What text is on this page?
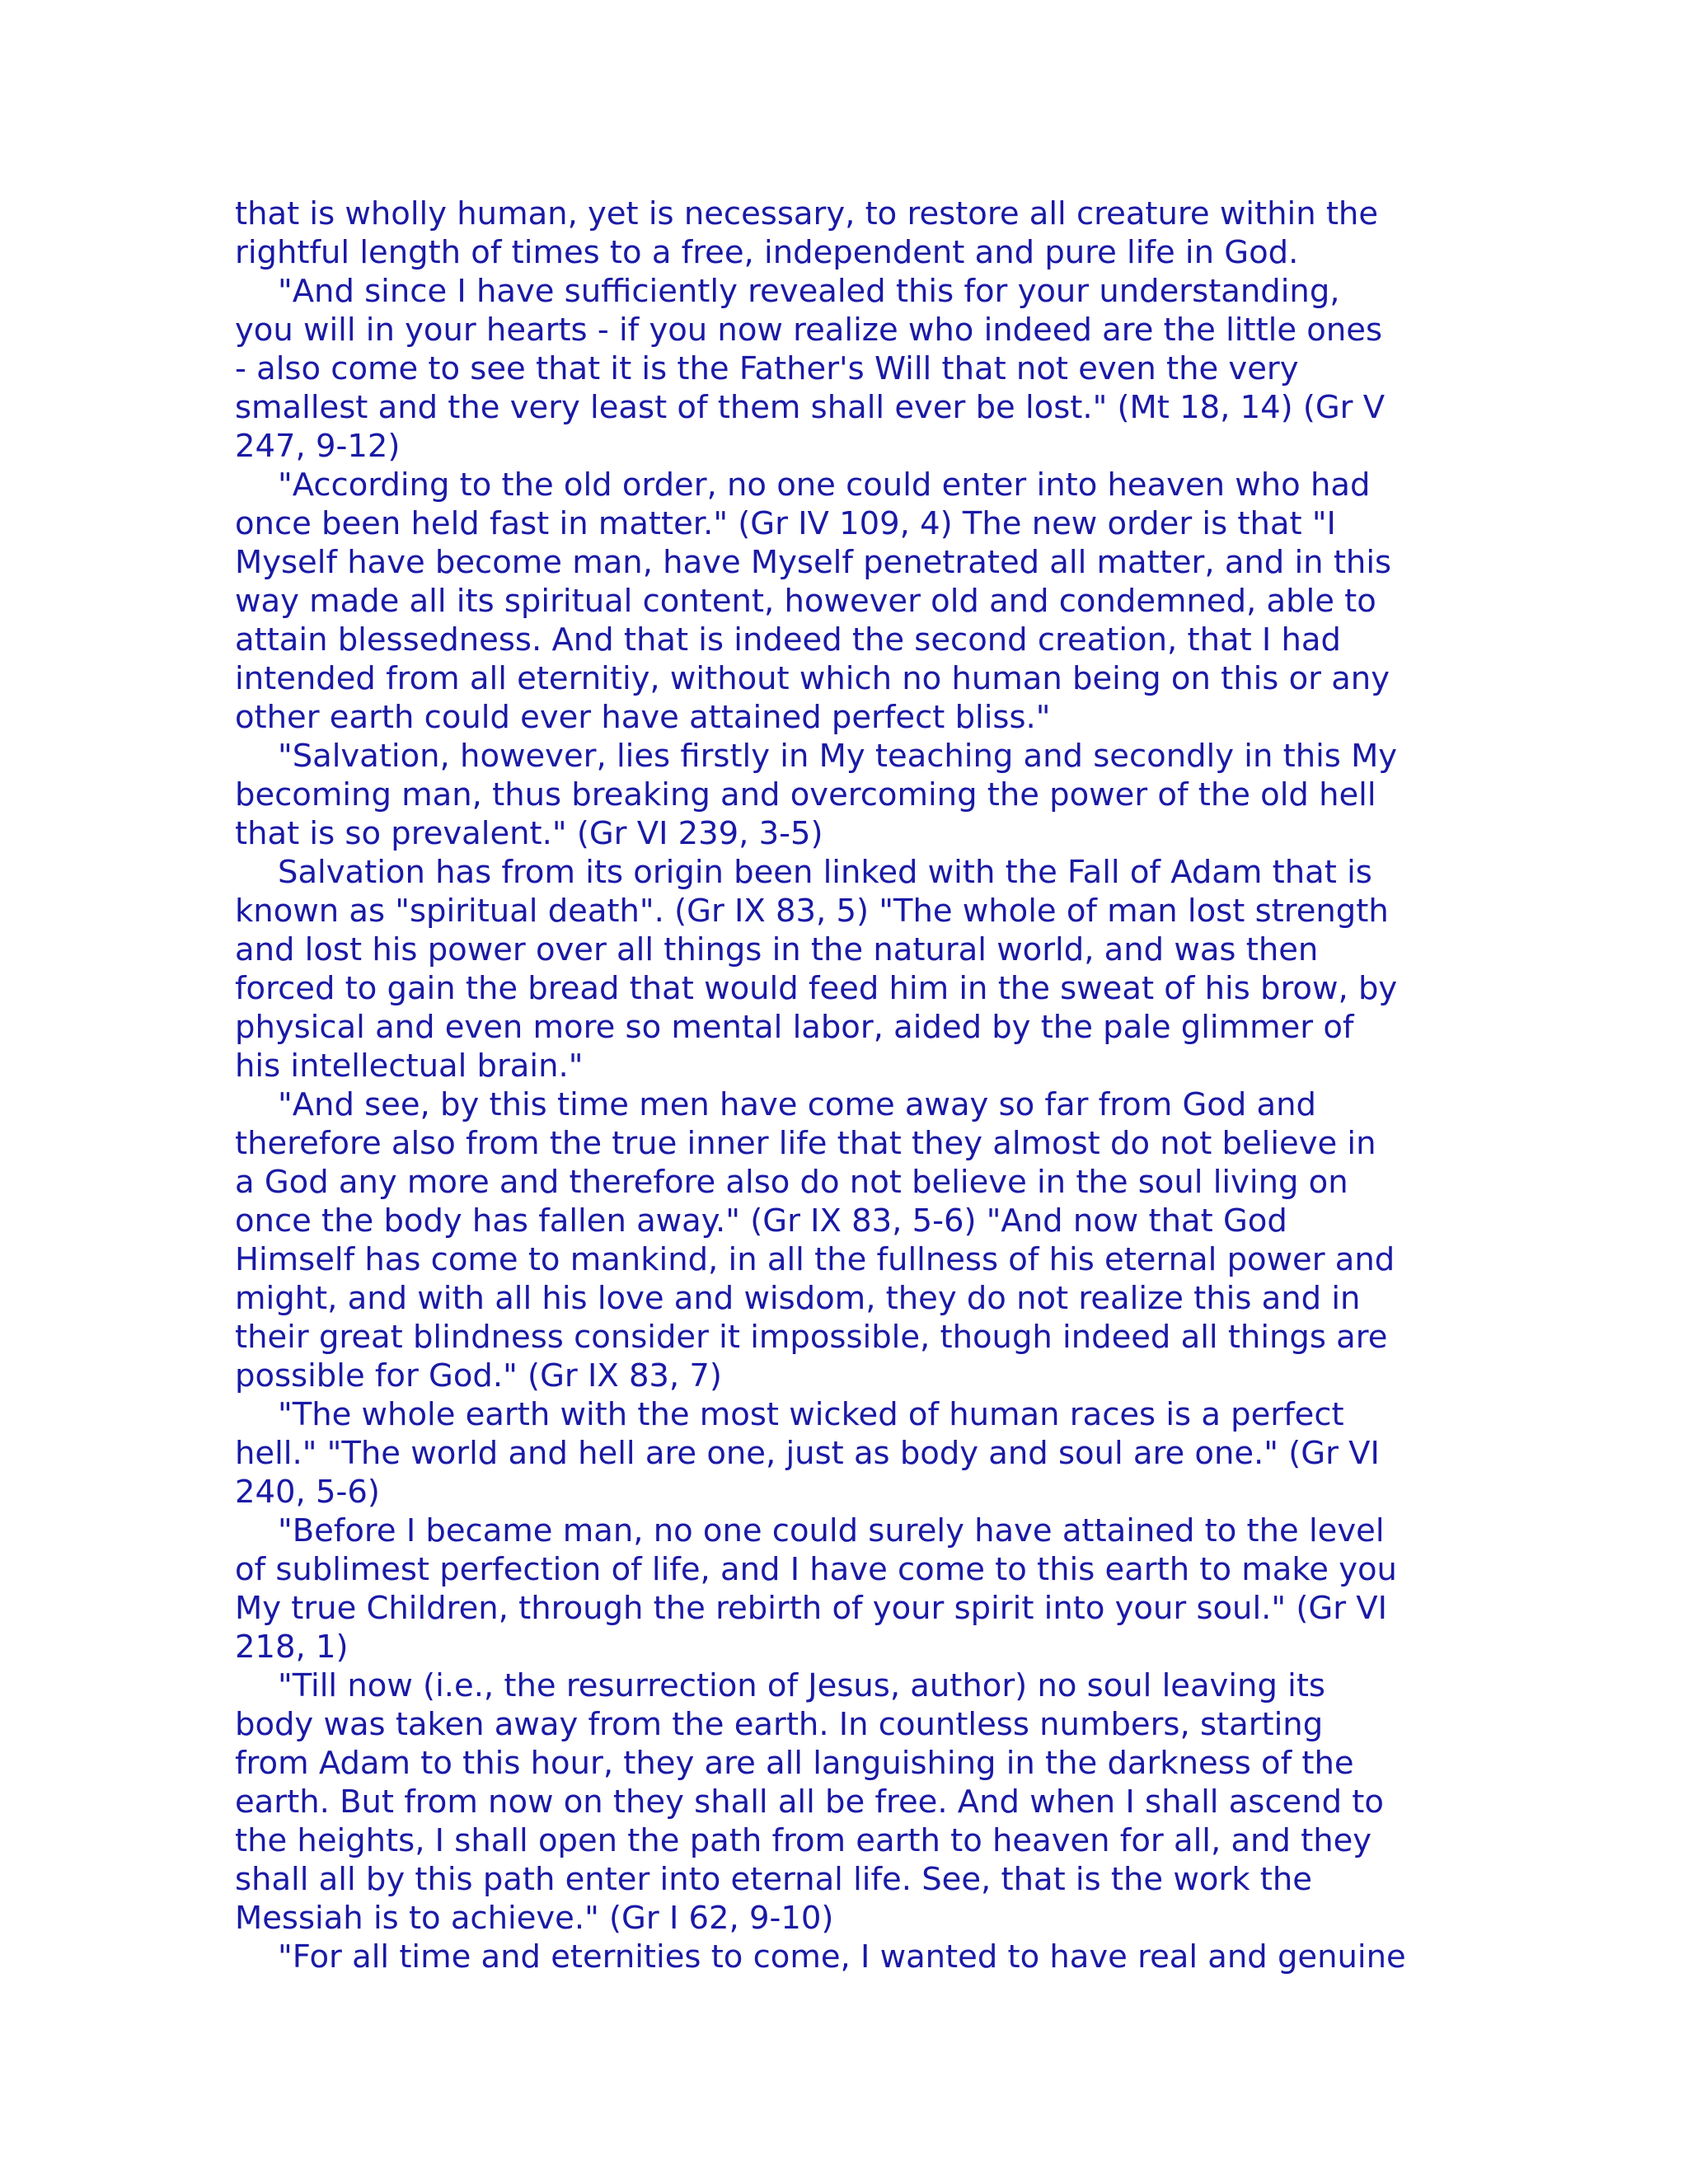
that is wholly human, yet is necessary, to restore all creature within the
rightful length of times to a free, independent and pure life in God.
"And since I have sufficiently revealed this for your understanding,
you will in your hearts - if you now realize who indeed are the little ones
- also come to see that it is the Father's Will that not even the very
smallest and the very least of them shall ever be lost." (Mt 18, 14) (Gr V
247, 9-12)
"According to the old order, no one could enter into heaven who had
once been held fast in matter." (Gr IV 109, 4) The new order is that "I
Myself have become man, have Myself penetrated all matter, and in this
way made all its spiritual content, however old and condemned, able to
attain blessedness. And that is indeed the second creation, that I had
intended from all eternitiy, without which no human being on this or any
other earth could ever have attained perfect bliss."
"Salvation, however, lies firstly in My teaching and secondly in this My
becoming man, thus breaking and overcoming the power of the old hell
that is so prevalent." (Gr VI 239, 3-5)
Salvation has from its origin been linked with the Fall of Adam that is
known as "spiritual death". (Gr IX 83, 5) "The whole of man lost strength
and lost his power over all things in the natural world, and was then
forced to gain the bread that would feed him in the sweat of his brow, by
physical and even more so mental labor, aided by the pale glimmer of
his intellectual brain."
"And see, by this time men have come away so far from God and
therefore also from the true inner life that they almost do not believe in
a God any more and therefore also do not believe in the soul living on
once the body has fallen away." (Gr IX 83, 5-6) "And now that God
Himself has come to mankind, in all the fullness of his eternal power and
might, and with all his love and wisdom, they do not realize this and in
their great blindness consider it impossible, though indeed all things are
possible for God." (Gr IX 83, 7)
"The whole earth with the most wicked of human races is a perfect
hell." "The world and hell are one, just as body and soul are one." (Gr VI
240, 5-6)
"Before I became man, no one could surely have attained to the level
of sublimest perfection of life, and I have come to this earth to make you
My true Children, through the rebirth of your spirit into your soul." (Gr VI
218, 1)
"Till now (i.e., the resurrection of Jesus, author) no soul leaving its
body was taken away from the earth. In countless numbers, starting
from Adam to this hour, they are all languishing in the darkness of the
earth. But from now on they shall all be free. And when I shall ascend to
the heights, I shall open the path from earth to heaven for all, and they
shall all by this path enter into eternal life. See, that is the work the
Messiah is to achieve." (Gr I 62, 9-10)
"For all time and eternities to come, I wanted to have real and genuine
